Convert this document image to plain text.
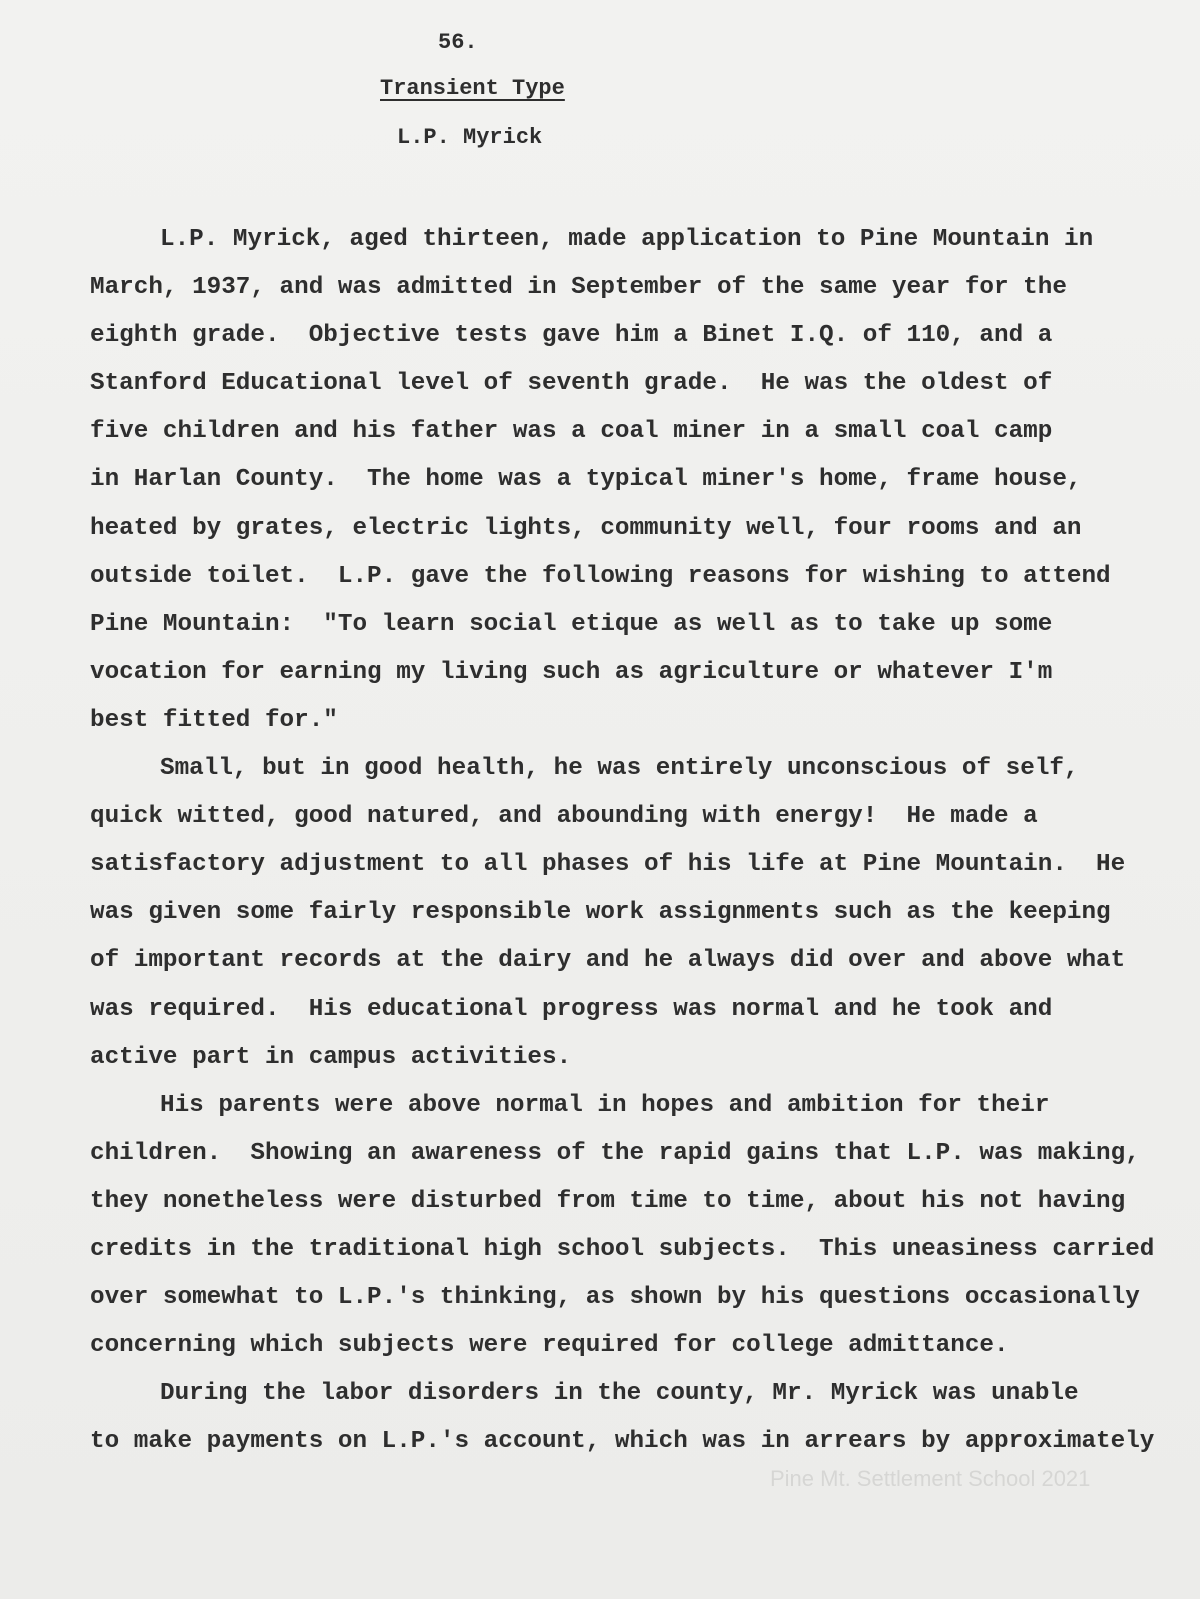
56.
Transient Type
L.P. Myrick
L.P. Myrick, aged thirteen, made application to Pine Mountain in
March, 1937, and was admitted in September of the same year for the
eighth grade.  Objective tests gave him a Binet I.Q. of 110, and a
Stanford Educational level of seventh grade.  He was the oldest of
five children and his father was a coal miner in a small coal camp
in Harlan County.  The home was a typical miner's home, frame house,
heated by grates, electric lights, community well, four rooms and an
outside toilet.  L.P. gave the following reasons for wishing to attend
Pine Mountain:  "To learn social etique as well as to take up some
vocation for earning my living such as agriculture or whatever I'm
best fitted for."
Small, but in good health, he was entirely unconscious of self,
quick witted, good natured, and abounding with energy!  He made a
satisfactory adjustment to all phases of his life at Pine Mountain.  He
was given some fairly responsible work assignments such as the keeping
of important records at the dairy and he always did over and above what
was required.  His educational progress was normal and he took and
active part in campus activities.
His parents were above normal in hopes and ambition for their
children.  Showing an awareness of the rapid gains that L.P. was making,
they nonetheless were disturbed from time to time, about his not having
credits in the traditional high school subjects.  This uneasiness carried
over somewhat to L.P.'s thinking, as shown by his questions occasionally
concerning which subjects were required for college admittance.
During the labor disorders in the county, Mr. Myrick was unable
to make payments on L.P.'s account, which was in arrears by approximately
Pine Mt. Settlement School 2021
